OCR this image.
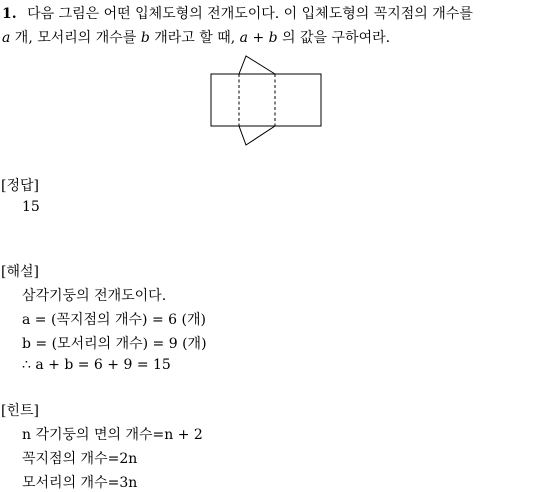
1. 다음 그림은 어떤 입체도형의 전개도이다. 이 입체도형의 꼭지점의 개수를
a 개, 모서리의 개수를 b 개라고 할 때, a + b 의 값을 구하여라.
[정답]
15
[해설]
삼각기둥의 전개도이다.
a = (꼭지점의 개수) = 6 (개)
b = (모서리의 개수) = 9 (개)
∴ a + b = 6 + 9 = 15
[힌트]
n 각기둥의 면의 개수=n + 2
꼭지점의 개수=2n
모서리의 개수=3n
